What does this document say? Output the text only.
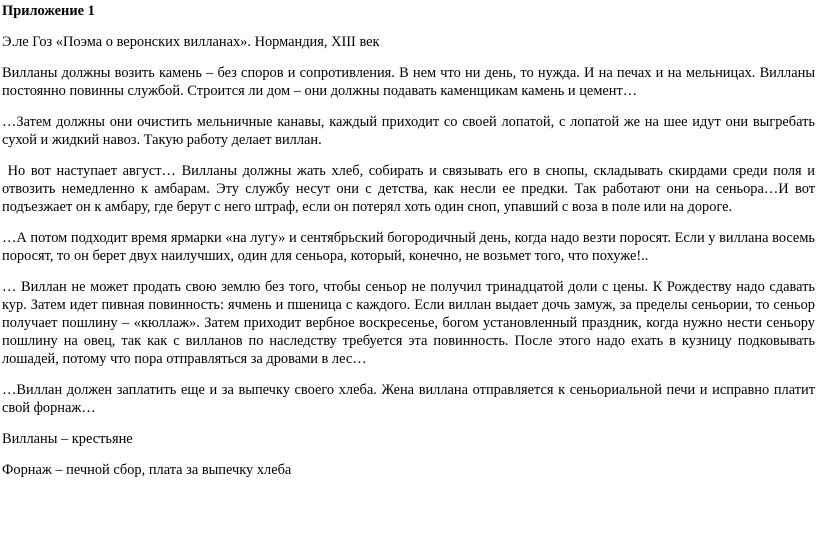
Приложение 1

Э.ле Гоз «Поэма о веронских вилланах». Нормандия, XIII век

Вилланы должны возить камень – без споров и сопротивления. В нем что ни день, то нужда. И на печах и на мельницах. Вилланы постоянно повинны службой. Строится ли дом – они должны подавать каменщикам камень и цемент…

…Затем должны они очистить мельничные канавы, каждый приходит со своей лопатой, с лопатой же на шее идут они выгребать сухой и жидкий навоз. Такую работу делает виллан.

Но вот наступает август… Вилланы должны жать хлеб, собирать и связывать его в снопы, складывать скирдами среди поля и отвозить немедленно к амбарам. Эту службу несут они с детства, как несли ее предки. Так работают они на сеньора…И вот подъезжает он к амбару, где берут с него штраф, если он потерял хоть один сноп, упавший с воза в поле или на дороге.

…А потом подходит время ярмарки «на лугу» и сентябрьский богородичный день, когда надо везти поросят. Если у виллана восемь поросят, то он берет двух наилучших, один для сеньора, который, конечно, не возьмет того, что похуже!..

… Виллан не может продать свою землю без того, чтобы сеньор не получил тринадцатой доли с цены. К Рождеству надо сдавать кур. Затем идет пивная повинность: ячмень и пшеница с каждого. Если виллан выдает дочь замуж, за пределы сеньории, то сеньор получает пошлину – «кюллаж». Затем приходит вербное воскресенье, богом установленный праздник, когда нужно нести сеньору пошлину на овец, так как с вилланов по наследству требуется эта повинность. После этого надо ехать в кузницу подковывать лошадей, потому что пора отправляться за дровами в лес…

…Виллан должен заплатить еще и за выпечку своего хлеба. Жена виллана отправляется к сеньориальной печи и исправно платит свой форнаж…

Вилланы – крестьяне

Форнаж – печной сбор, плата за выпечку хлеба
